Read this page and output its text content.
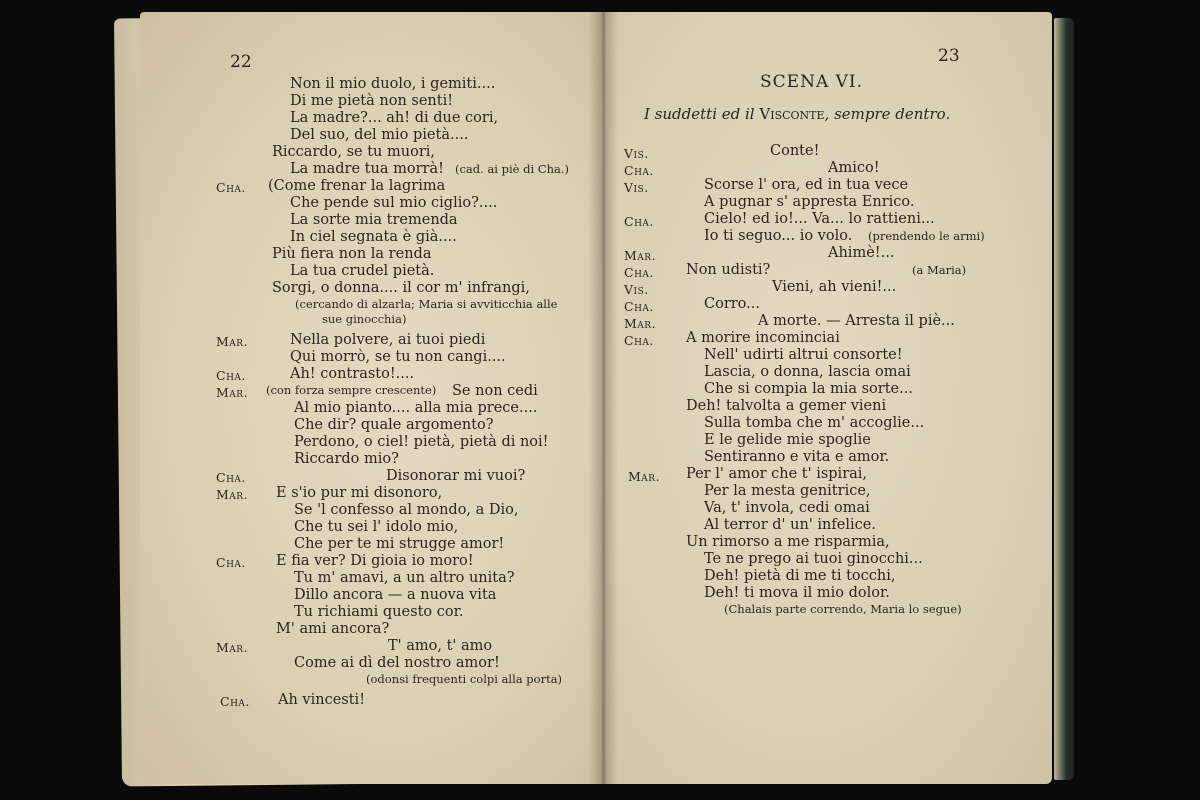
22
Non il mio duolo, i gemiti....
Di me pietà non senti!
La madre?... ah! di due cori,
Del suo, del mio pietà....
Riccardo, se tu muori,
La madre tua morrà! (cad. ai piè di Cha.)
Cha. (Come frenar la lagrima
Che pende sul mio ciglio?....
La sorte mia tremenda
In ciel segnata è già....
Più fiera non la renda
La tua crudel pietà.
Sorgi, o donna.... il cor m' infrangi,
(cercando di alzarla; Maria si avviticchia alle
sue ginocchia)
Mar.	Nella polvere, ai tuoi piedi
Qui morrò, se tu non cangi....
Cha.	Ah! contrasto!....
Mar. (con forza sempre crescente) Se non cedi
Al mio pianto.... alla mia prece....
Che dir? quale argomento?
Perdono, o ciel! pietà, pietà di noi!
Riccardo mio?
Cha.	Disonorar mi vuoi?
Mar. E s'io pur mi disonoro,
Se 'l confesso al mondo, a Dio,
Che tu sei l' idolo mio,
Che per te mi strugge amor!
Cha. E fia ver? Di gioia io moro!
Tu m' amavi, a un altro unita?
Dillo ancora — a nuova vita
Tu richiami questo cor.
M' ami ancora?
Mar.	T' amo, t' amo
Come ai dì del nostro amor!
(odonsi frequenti colpi alla porta)
Cha. Ah vincesti!
23
SCENA VI.
I suddetti ed il Visconte, sempre dentro.
Vis.	Conte!
Cha.	Amico!
Vis.	Scorse l' ora, ed in tua vece
A pugnar s' appresta Enrico.
Cha.	Cielo! ed io!... Va... lo rattieni...
Io ti seguo... io volo. (prendendo le armi)
Mar.	Ahimè!...
Cha. Non udisti?	(a Maria)
Vis.	Vieni, ah vieni!...
Cha.	Corro...
Mar.	A morte. — Arresta il piè...
Cha. A morire incominciai
Nell' udirti altrui consorte!
Lascia, o donna, lascia omai
Che si compia la mia sorte...
Deh! talvolta a gemer vieni
Sulla tomba che m' accoglie...
E le gelide mie spoglie
Sentiranno e vita e amor.
Mar. Per l' amor che t' ispirai,
Per la mesta genitrice,
Va, t' invola, cedi omai
Al terror d' un' infelice.
Un rimorso a me risparmia,
Te ne prego ai tuoi ginocchi...
Deh! pietà di me ti tocchi,
Deh! ti mova il mio dolor.
(Chalais parte correndo, Maria lo segue)
